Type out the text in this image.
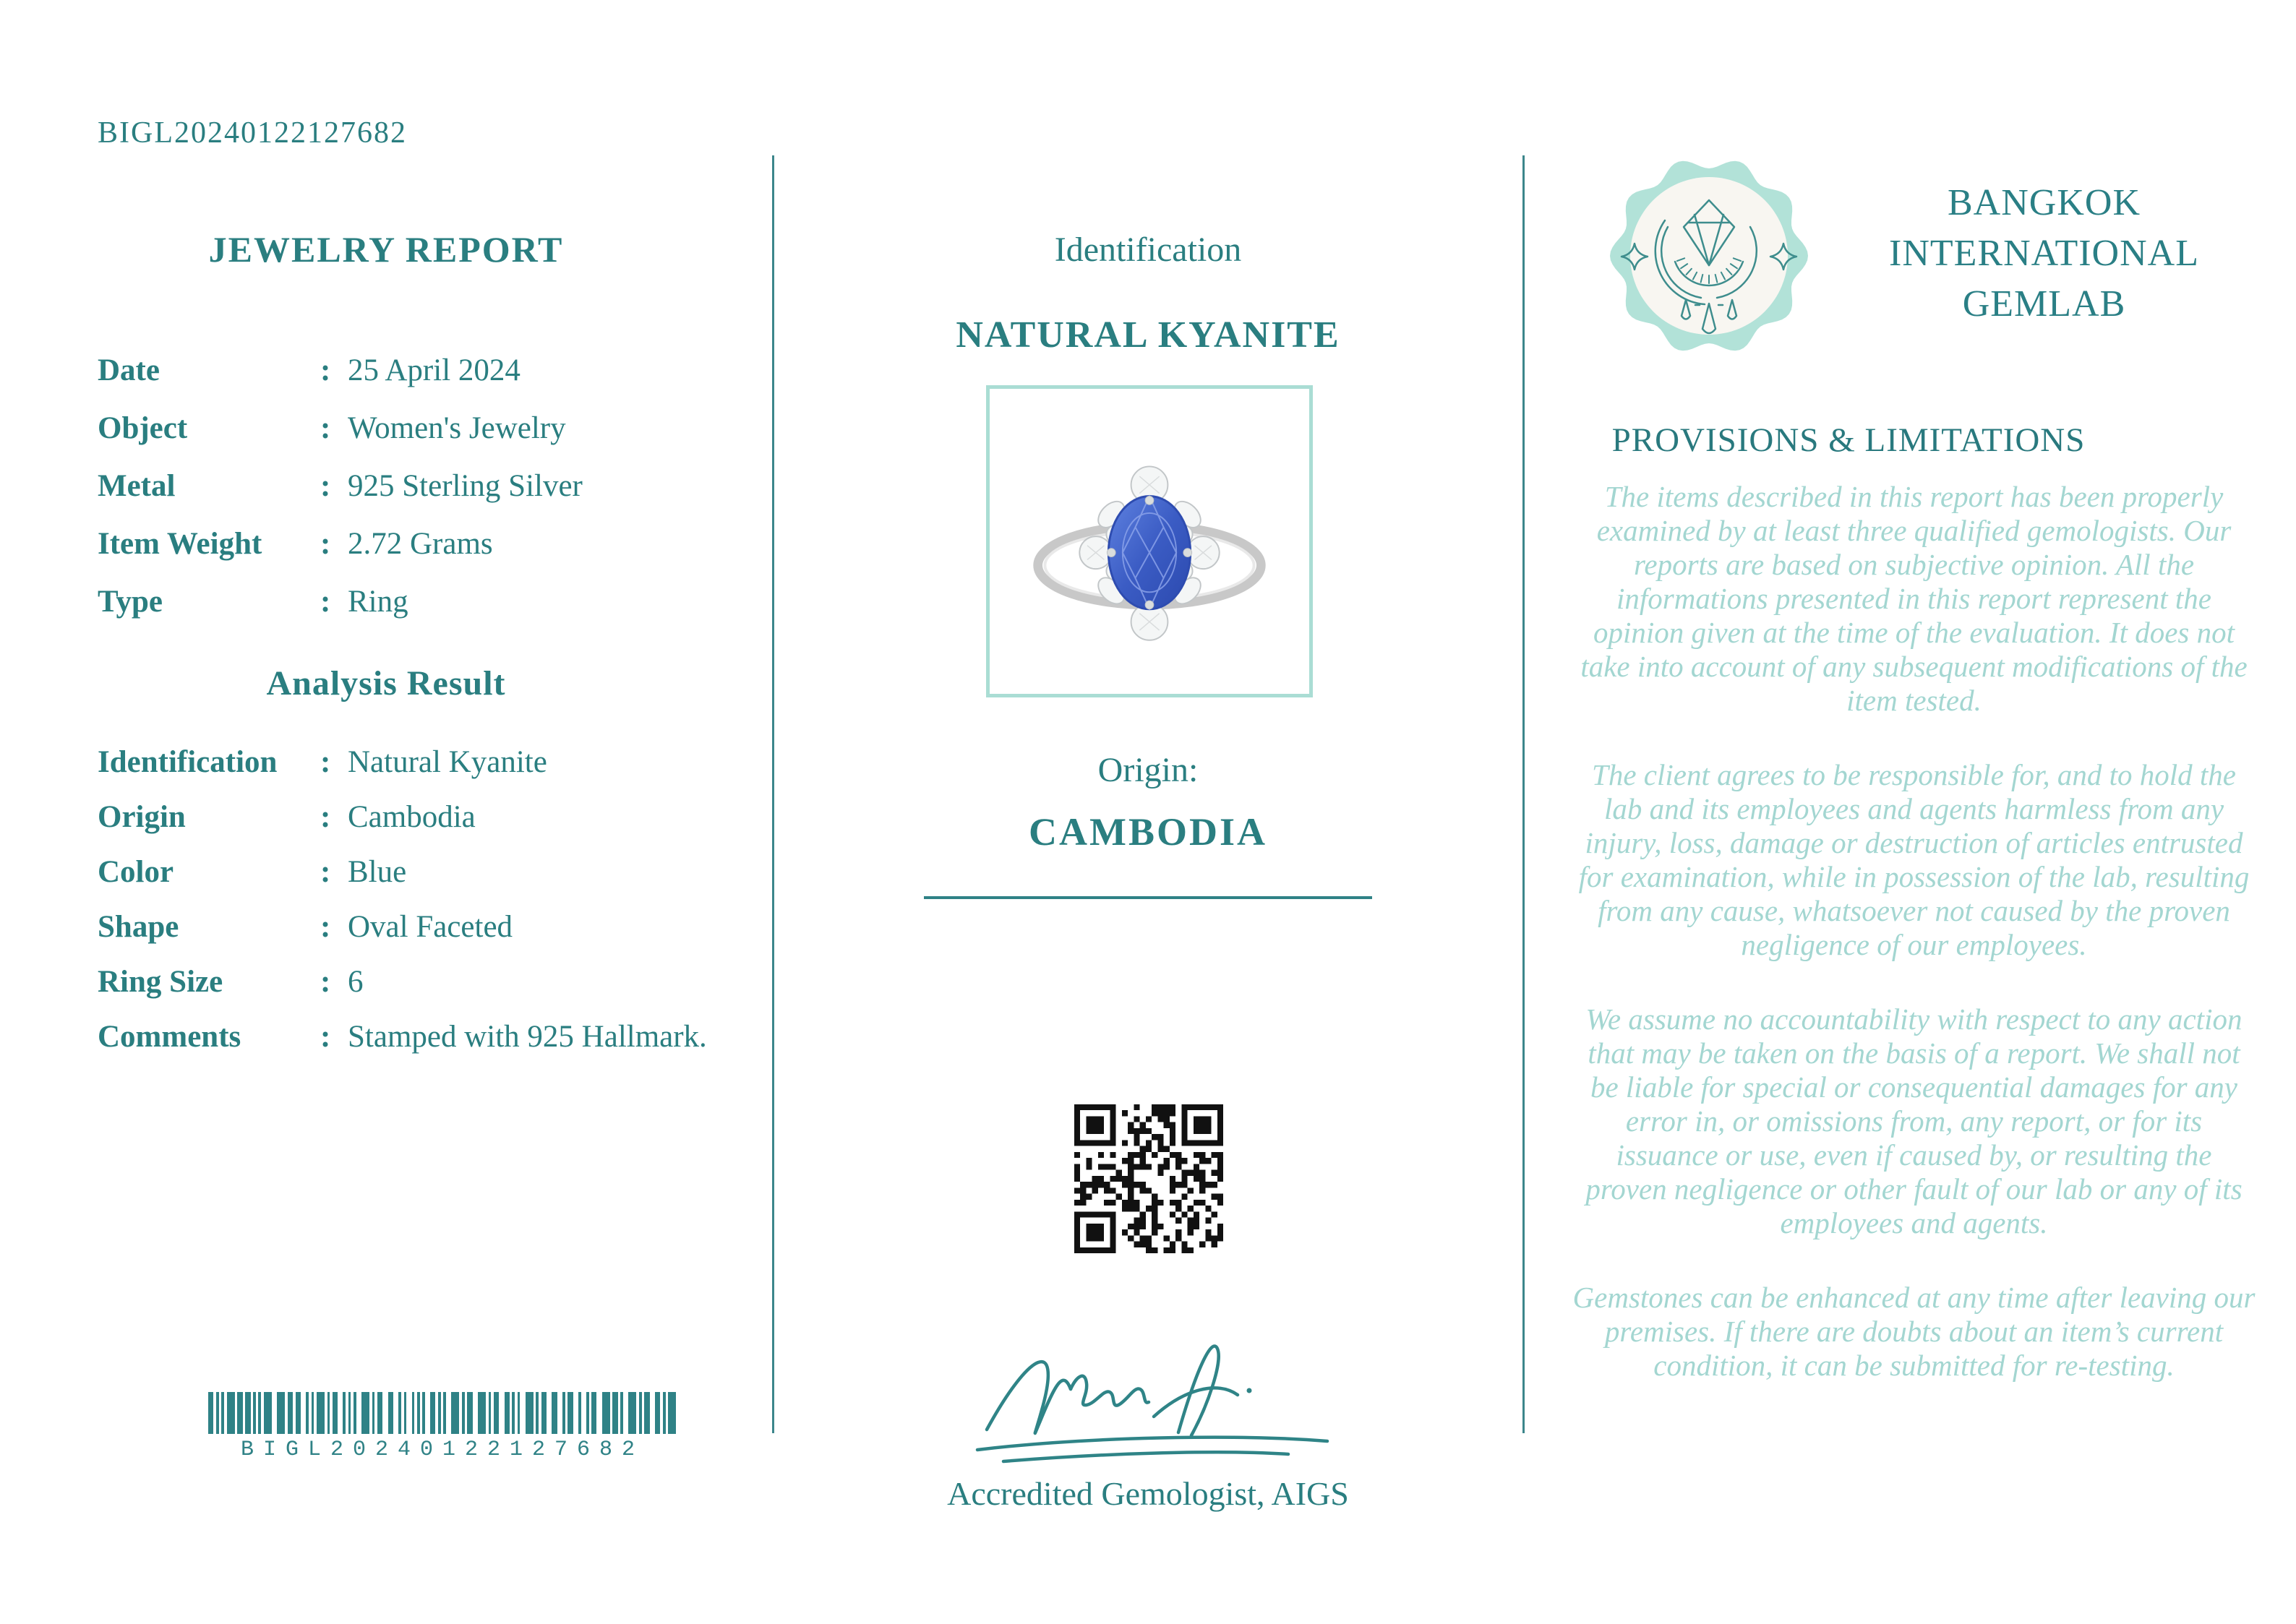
BIGL20240122127682
JEWELRY REPORT
Date	: 25 April 2024
Object	: Women's Jewelry
Metal	: 925 Sterling Silver
Item Weight	: 2.72 Grams
Type	: Ring
Analysis Result
Identification	: Natural Kyanite
Origin	: Cambodia
Color	: Blue
Shape	: Oval Faceted
Ring Size	: 6
Comments	: Stamped with 925 Hallmark.
BIGL20240122127682
Identification
NATURAL KYANITE
Origin:
CAMBODIA
Accredited Gemologist, AIGS
BANGKOK
INTERNATIONAL
GEMLAB
PROVISIONS & LIMITATIONS

The items described in this report has been properly examined by at least three qualified gemologists. Our reports are based on subjective opinion. All the informations presented in this report represent the opinion given at the time of the evaluation. It does not take into account of any subsequent modifications of the item tested.

The client agrees to be responsible for, and to hold the lab and its employees and agents harmless from any injury, loss, damage or destruction of articles entrusted for examination, while in possession of the lab, resulting from any cause, whatsoever not caused by the proven negligence of our employees.

We assume no accountability with respect to any action that may be taken on the basis of a report. We shall not be liable for special or consequential damages for any error in, or omissions from, any report, or for its issuance or use, even if caused by, or resulting the proven negligence or other fault of our lab or any of its employees and agents.

Gemstones can be enhanced at any time after leaving our premises. If there are doubts about an item’s current condition, it can be submitted for re-testing.
